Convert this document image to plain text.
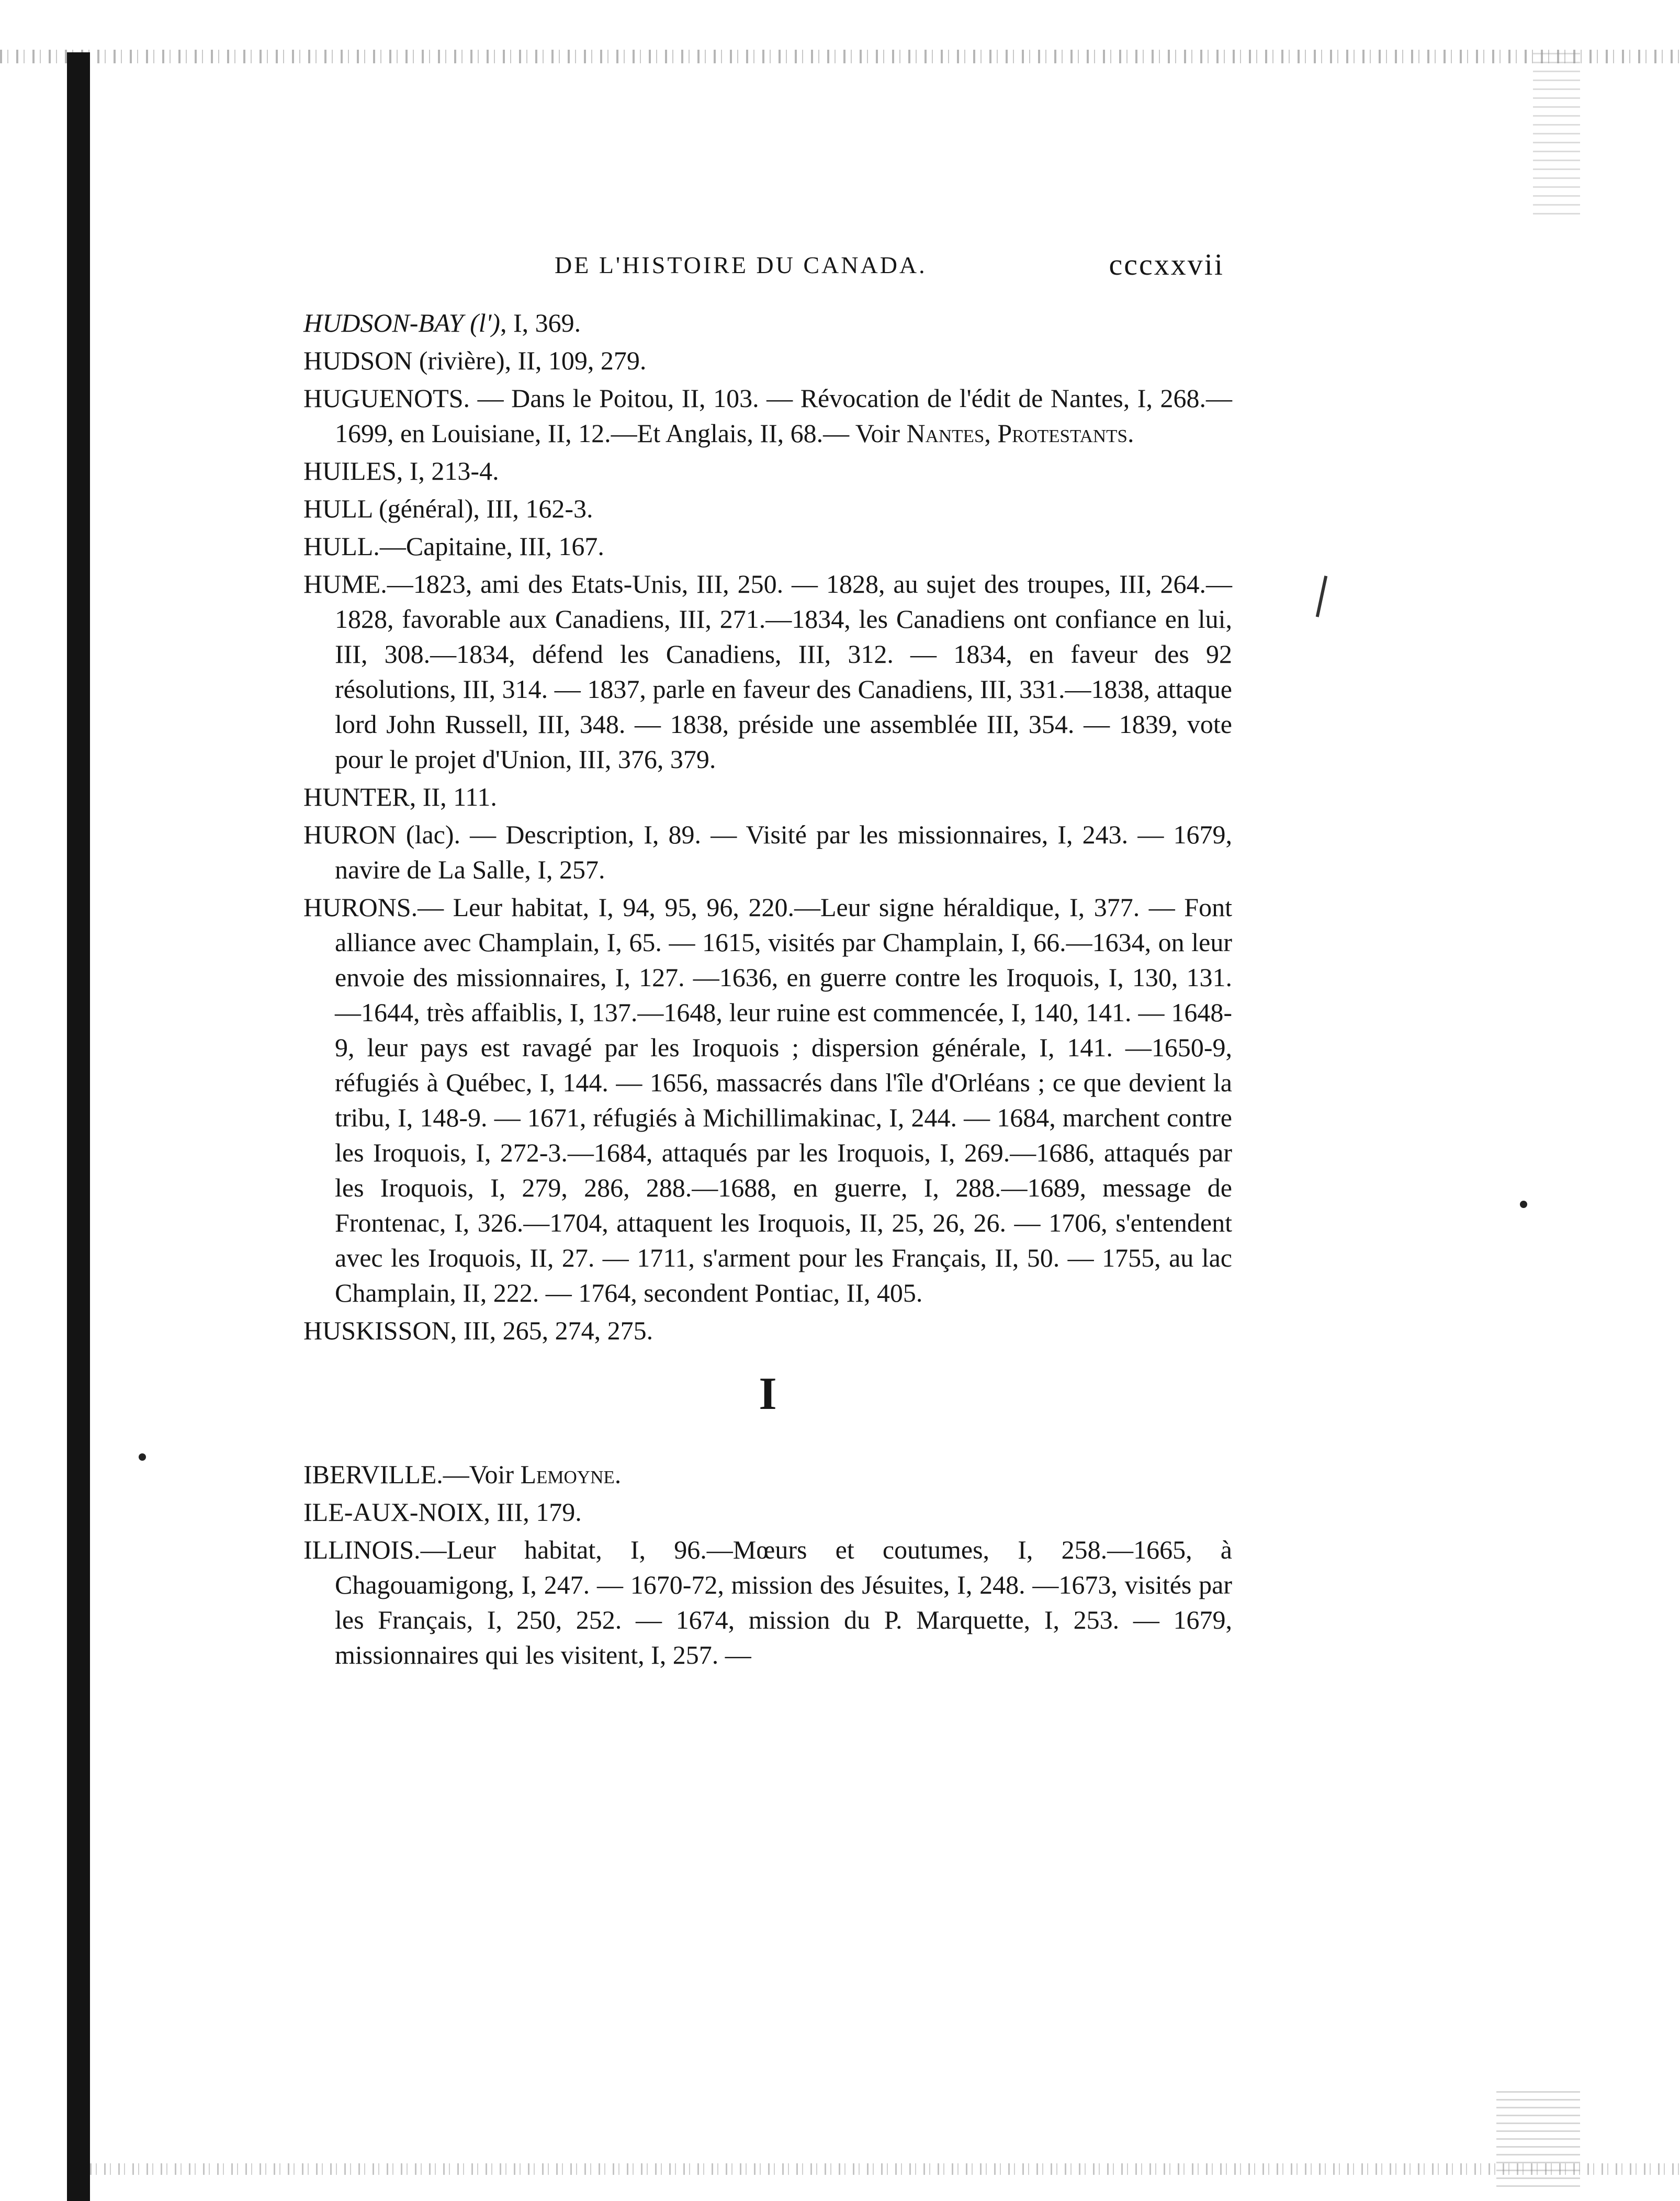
DE L'HISTOIRE DU CANADA.	cccxxvii

HUDSON-BAY (l'), I, 369.

HUDSON (rivière), II, 109, 279.

HUGUENOTS. — Dans le Poitou, II, 103. — Révocation de l'édit de Nantes, I, 268.—1699, en Louisiane, II, 12.—Et Anglais, II, 68.— Voir Nantes, Protestants.

HUILES, I, 213-4.

HULL (général), III, 162-3.

HULL.—Capitaine, III, 167.

HUME.—1823, ami des Etats-Unis, III, 250. — 1828, au sujet des troupes, III, 264.—1828, favorable aux Canadiens, III, 271.—1834, les Canadiens ont confiance en lui, III, 308.—1834, défend les Canadiens, III, 312. — 1834, en faveur des 92 résolutions, III, 314. — 1837, parle en faveur des Canadiens, III, 331.—1838, attaque lord John Russell, III, 348. — 1838, préside une assemblée III, 354. — 1839, vote pour le projet d'Union, III, 376, 379.

HUNTER, II, 111.

HURON (lac). — Description, I, 89. — Visité par les missionnaires, I, 243. — 1679, navire de La Salle, I, 257.

HURONS.— Leur habitat, I, 94, 95, 96, 220.—Leur signe héraldique, I, 377. — Font alliance avec Champlain, I, 65. — 1615, visités par Champlain, I, 66.—1634, on leur envoie des missionnaires, I, 127. —1636, en guerre contre les Iroquois, I, 130, 131.—1644, très affaiblis, I, 137.—1648, leur ruine est commencée, I, 140, 141. — 1648-9, leur pays est ravagé par les Iroquois ; dispersion générale, I, 141. —1650-9, réfugiés à Québec, I, 144. — 1656, massacrés dans l'île d'Orléans ; ce que devient la tribu, I, 148-9. — 1671, réfugiés à Michillimakinac, I, 244. — 1684, marchent contre les Iroquois, I, 272-3.—1684, attaqués par les Iroquois, I, 269.—1686, attaqués par les Iroquois, I, 279, 286, 288.—1688, en guerre, I, 288.—1689, message de Frontenac, I, 326.—1704, attaquent les Iroquois, II, 25, 26, 26. — 1706, s'entendent avec les Iroquois, II, 27. — 1711, s'arment pour les Français, II, 50. — 1755, au lac Champlain, II, 222. — 1764, secondent Pontiac, II, 405.

HUSKISSON, III, 265, 274, 275.

I

IBERVILLE.—Voir Lemoyne.

ILE-AUX-NOIX, III, 179.

ILLINOIS.—Leur habitat, I, 96.—Mœurs et coutumes, I, 258.—1665, à Chagouamigong, I, 247. — 1670-72, mission des Jésuites, I, 248. —1673, visités par les Français, I, 250, 252. — 1674, mission du P. Marquette, I, 253. — 1679, missionnaires qui les visitent, I, 257. —
